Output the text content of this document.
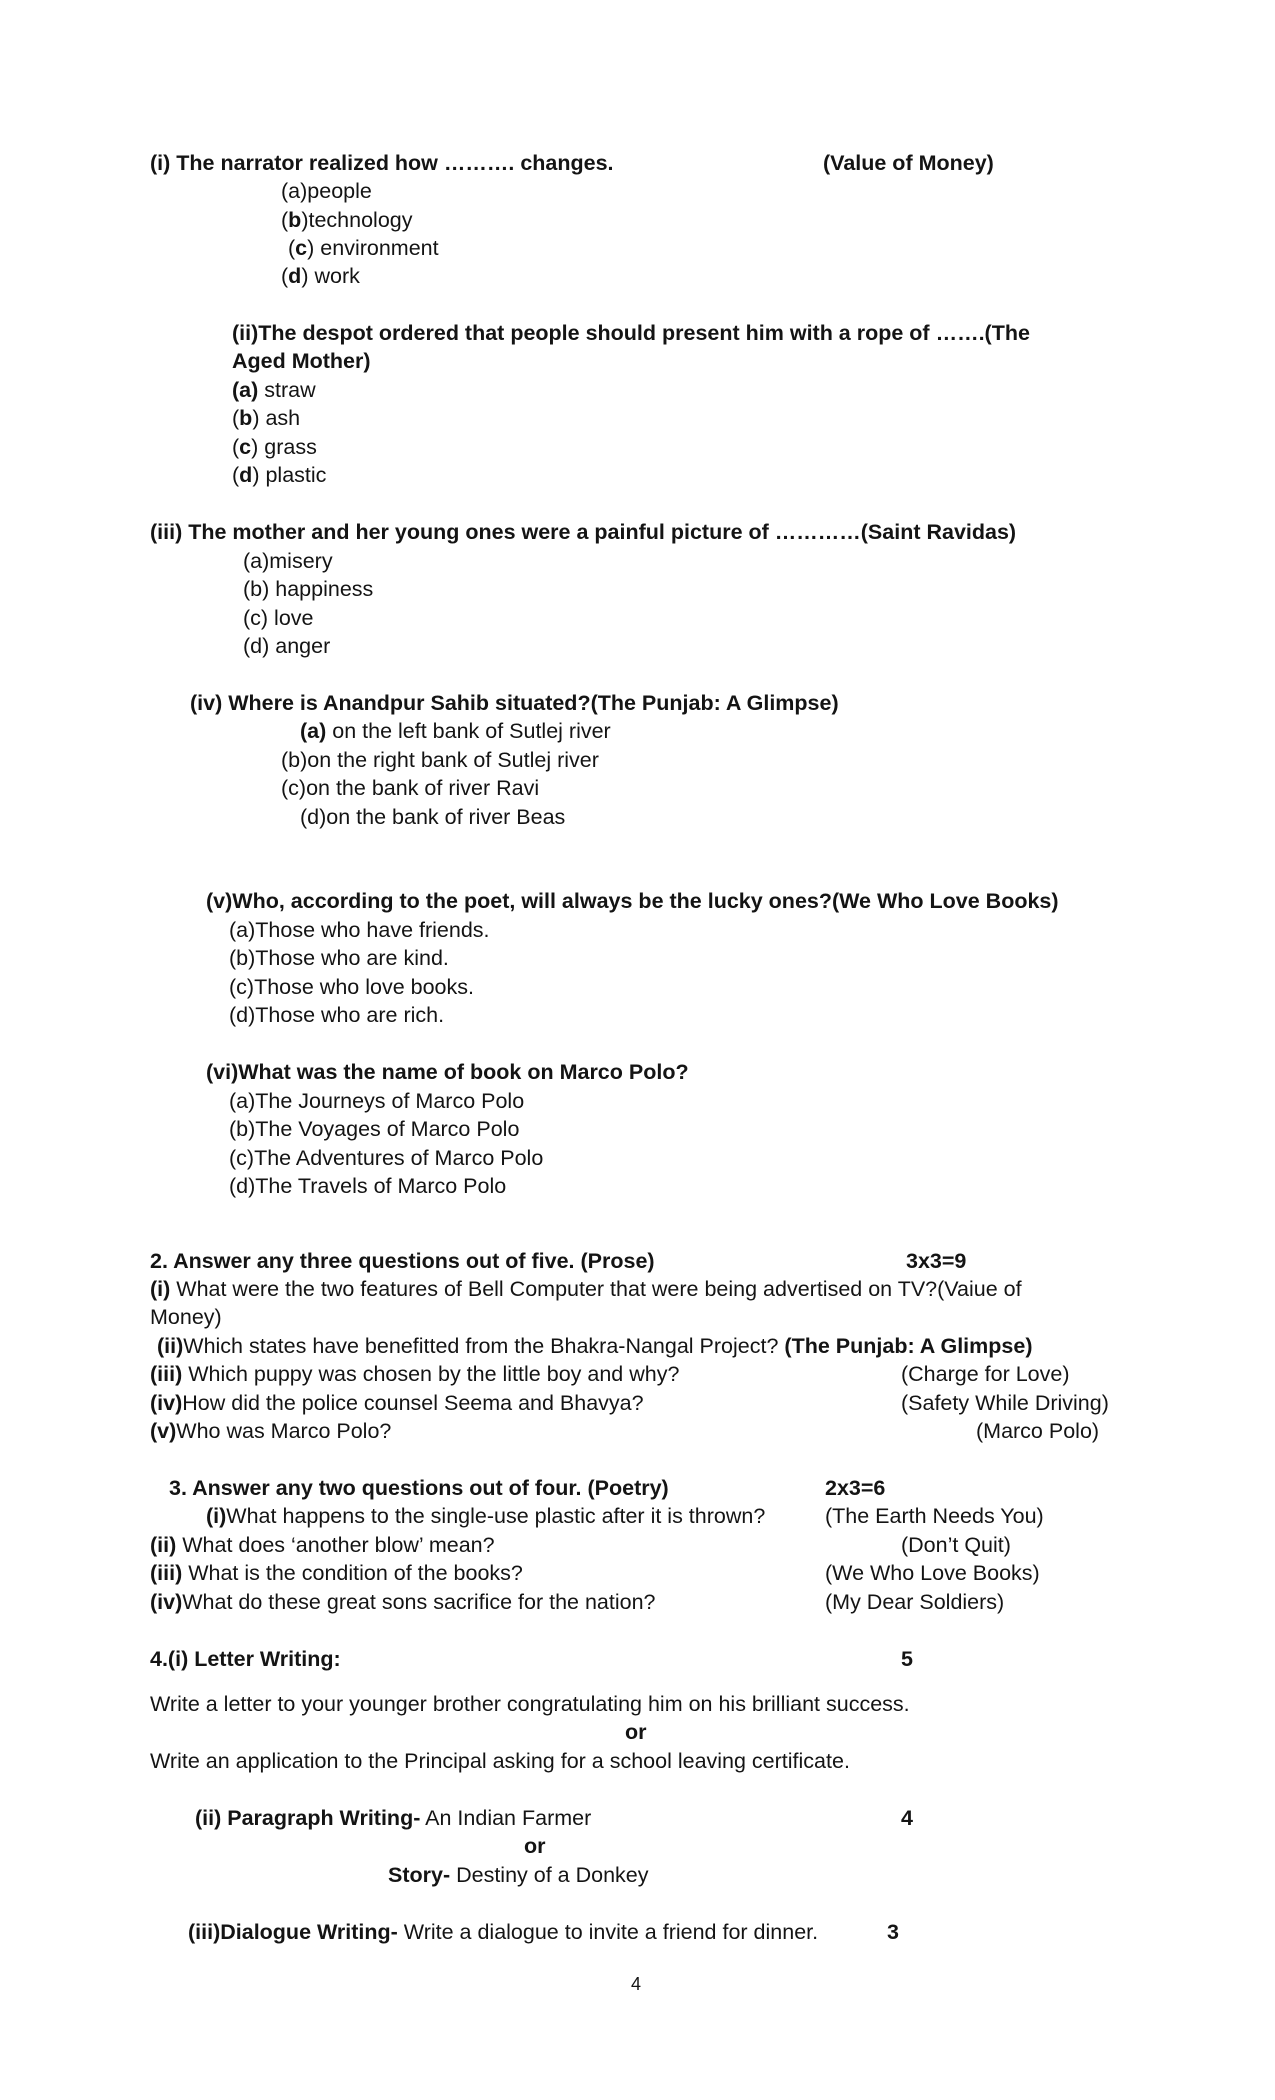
(i) The narrator realized how ………. changes.	(Value of Money)
(a)people
(b)technology
(c) environment
(d) work
(ii)The despot ordered that people should present him with a rope of …….(The
Aged Mother)
(a) straw
(b) ash
(c) grass
(d) plastic
(iii) The mother and her young ones were a painful picture of …………(Saint Ravidas)
(a)misery
(b) happiness
(c) love
(d) anger
(iv) Where is Anandpur Sahib situated?(The Punjab: A Glimpse)
(a) on the left bank of Sutlej river
(b)on the right bank of Sutlej river
(c)on the bank of river Ravi
(d)on the bank of river Beas
(v)Who, according to the poet, will always be the lucky ones?(We Who Love Books)
(a)Those who have friends.
(b)Those who are kind.
(c)Those who love books.
(d)Those who are rich.
(vi)What was the name of book on Marco Polo?
(a)The Journeys of Marco Polo
(b)The Voyages of Marco Polo
(c)The Adventures of Marco Polo
(d)The Travels of Marco Polo
2. Answer any three questions out of five. (Prose)	3x3=9
(i) What were the two features of Bell Computer that were being advertised on TV?(Vaiue of
Money)
(ii)Which states have benefitted from the Bhakra-Nangal Project? (The Punjab: A Glimpse)
(iii) Which puppy was chosen by the little boy and why?	(Charge for Love)
(iv)How did the police counsel Seema and Bhavya?	(Safety While Driving)
(v)Who was Marco Polo?	(Marco Polo)
3. Answer any two questions out of four. (Poetry)	2x3=6
(i)What happens to the single-use plastic after it is thrown?	(The Earth Needs You)
(ii) What does ‘another blow’ mean?	(Don’t Quit)
(iii) What is the condition of the books?	(We Who Love Books)
(iv)What do these great sons sacrifice for the nation?	(My Dear Soldiers)
4.(i) Letter Writing:	5
Write a letter to your younger brother congratulating him on his brilliant success.
or
Write an application to the Principal asking for a school leaving certificate.
(ii) Paragraph Writing- An Indian Farmer	4
or
Story- Destiny of a Donkey
(iii)Dialogue Writing- Write a dialogue to invite a friend for dinner.	3
4
